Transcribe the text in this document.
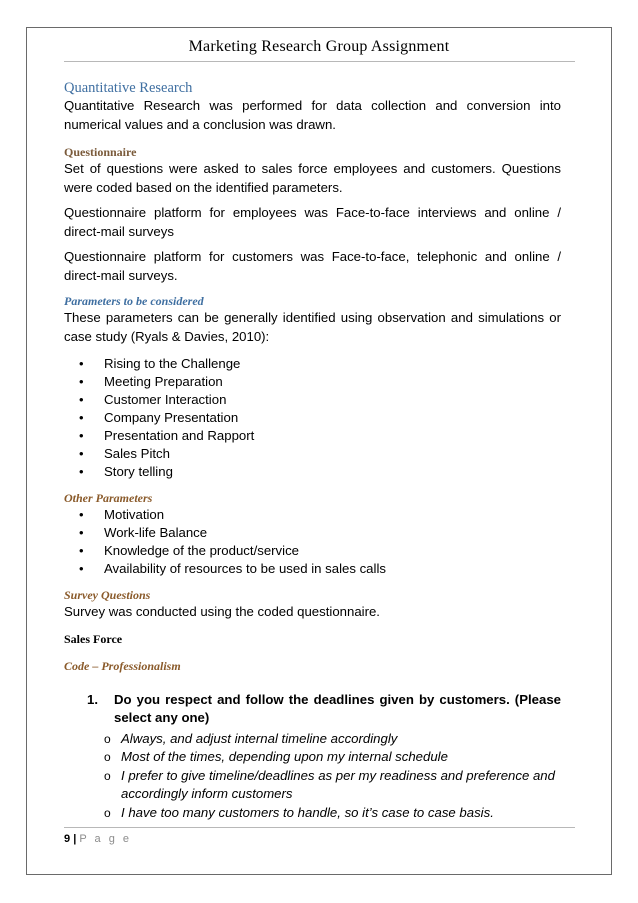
Marketing Research Group Assignment
Quantitative Research
Quantitative Research was performed for data collection and conversion into numerical values and a conclusion was drawn.
Questionnaire
Set of questions were asked to sales force employees and customers. Questions were coded based on the identified parameters.
Questionnaire platform for employees was Face-to-face interviews and online / direct-mail surveys
Questionnaire platform for customers was Face-to-face, telephonic and online / direct-mail surveys.
Parameters to be considered
These parameters can be generally identified using observation and simulations or case study (Ryals & Davies, 2010):
• Rising to the Challenge
• Meeting Preparation
• Customer Interaction
• Company Presentation
• Presentation and Rapport
• Sales Pitch
• Story telling
Other Parameters
• Motivation
• Work-life Balance
• Knowledge of the product/service
• Availability of resources to be used in sales calls
Survey Questions
Survey was conducted using the coded questionnaire.
Sales Force
Code – Professionalism
1.	Do you respect and follow the deadlines given by customers. (Please select any one)
o Always, and adjust internal timeline accordingly
o Most of the times, depending upon my internal schedule
o I prefer to give timeline/deadlines as per my readiness and preference and accordingly inform customers
o I have too many customers to handle, so it’s case to case basis.
9 | P a g e
